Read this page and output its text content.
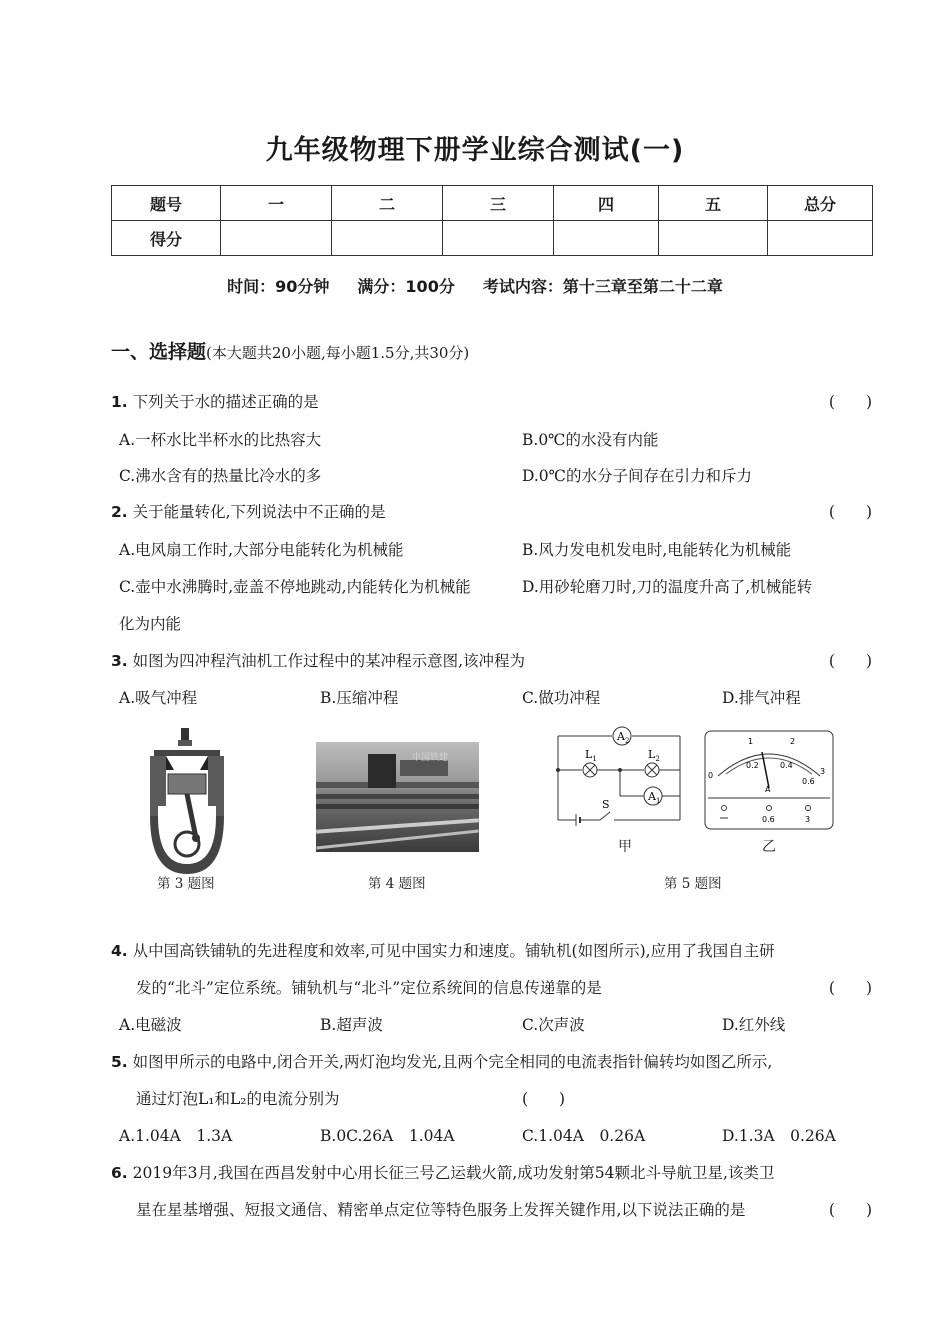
九年级物理下册学业综合测试(一)
题号	一	二	三	四	五	总分
得分						
时间：90分钟 满分：100分 考试内容：第十三章至第二十二章
一、选择题(本大题共20小题,每小题1.5分,共30分)
1. 下列关于水的描述正确的是	(　　)
A.一杯水比半杯水的比热容大	B.0℃的水没有内能
C.沸水含有的热量比冷水的多	D.0℃的水分子间存在引力和斥力
2. 关于能量转化,下列说法中不正确的是	(　　)
A.电风扇工作时,大部分电能转化为机械能	B.风力发电机发电时,电能转化为机械能
C.壶中水沸腾时,壶盖不停地跳动,内能转化为机械能	D.用砂轮磨刀时,刀的温度升高了,机械能转
化为内能
3. 如图为四冲程汽油机工作过程中的某冲程示意图,该冲程为	(　　)
A.吸气冲程	B.压缩冲程	C.做功冲程	D.排气冲程
第 3 题图
中国铁建
第 4 题图
$A_2$
$L_1$	$L_2$
$A_1$
S
甲
1	2
3
0
0.2	0.4
0.6
A
0.6	3
乙
第 5 题图
4. 从中国高铁铺轨的先进程度和效率,可见中国实力和速度。铺轨机(如图所示),应用了我国自主研
发的“北斗”定位系统。铺轨机与“北斗”定位系统间的信息传递靠的是	(　　)
A.电磁波	B.超声波	C.次声波	D.红外线
5. 如图甲所示的电路中,闭合开关,两灯泡均发光,且两个完全相同的电流表指针偏转均如图乙所示,
通过灯泡L₁和L₂的电流分别为	(　　)
A.1.04A　1.3A	B.0C.26A　1.04A	C.1.04A　0.26A	D.1.3A　0.26A
6. 2019年3月,我国在西昌发射中心用长征三号乙运载火箭,成功发射第54颗北斗导航卫星,该类卫
星在星基增强、短报文通信、精密单点定位等特色服务上发挥关键作用,以下说法正确的是	(　　)
